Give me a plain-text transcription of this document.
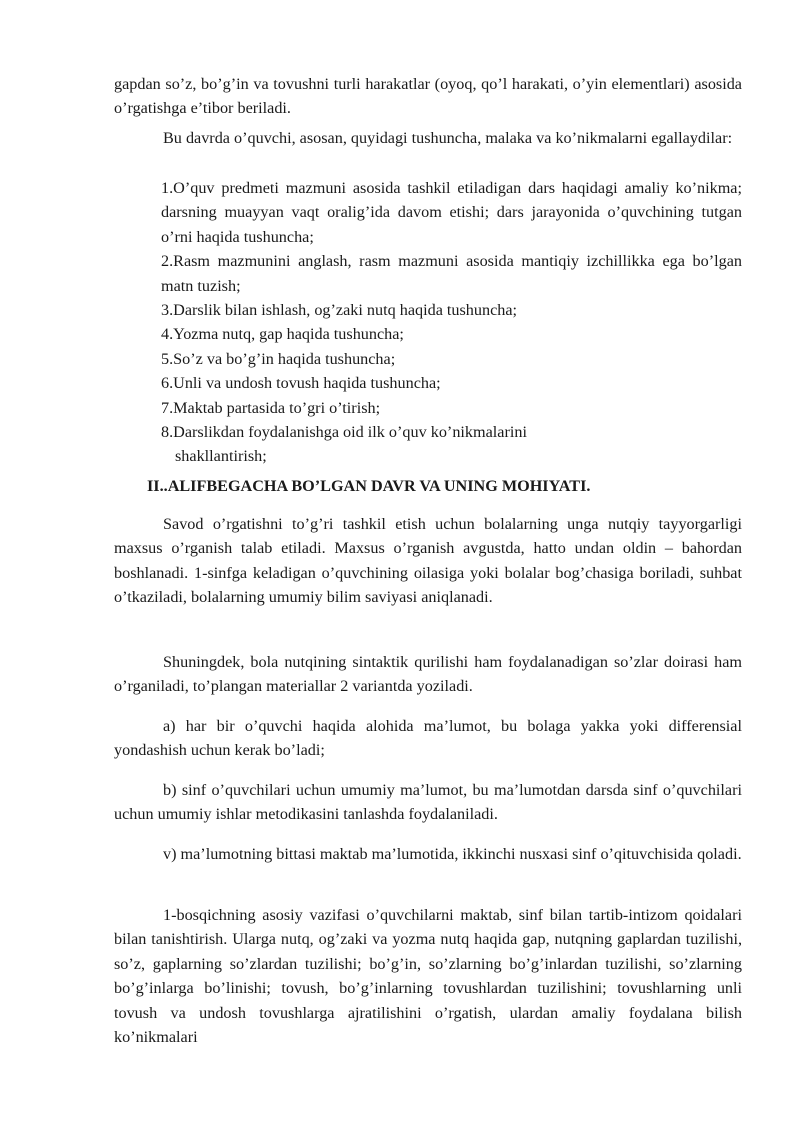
gapdan so’z, bo’g’in va tovushni turli harakatlar (oyoq, qo’l harakati, o’yin elementlari) asosida o’rgatishga e’tibor beriladi.

Bu davrda o’quvchi, asosan, quyidagi tushuncha, malaka va ko’nikmalarni egallaydilar:

1.O’quv predmeti mazmuni asosida tashkil etiladigan dars haqidagi amaliy ko’nikma; darsning muayyan vaqt oralig’ida davom etishi; dars jarayonida o’quvchining tutgan o’rni haqida tushuncha;
2.Rasm mazmunini anglash, rasm mazmuni asosida mantiqiy izchillikka ega bo’lgan matn tuzish;
3.Darslik bilan ishlash, og’zaki nutq haqida tushuncha;
4.Yozma nutq, gap haqida tushuncha;
5.So’z va bo’g’in haqida tushuncha;
6.Unli va undosh tovush haqida tushuncha;
7.Maktab partasida to’gri o’tirish;
8.Darslikdan foydalanishga oid ilk o’quv ko’nikmalarini
shakllantirish;

II..ALIFBEGACHA BO’LGAN DAVR VA UNING MOHIYATI.

Savod o’rgatishni to’g’ri tashkil etish uchun bolalarning unga nutqiy tayyorgarligi maxsus o’rganish talab etiladi. Maxsus o’rganish avgustda, hatto undan oldin – bahordan boshlanadi. 1-sinfga keladigan o’quvchining oilasiga yoki bolalar bog’chasiga boriladi, suhbat o’tkaziladi, bolalarning umumiy bilim saviyasi aniqlanadi.

Shuningdek, bola nutqining sintaktik qurilishi ham foydalanadigan so’zlar doirasi ham o’rganiladi, to’plangan materiallar 2 variantda yoziladi.

a) har bir o’quvchi haqida alohida ma’lumot, bu bolaga yakka yoki differensial yondashish uchun kerak bo’ladi;

b) sinf o’quvchilari uchun umumiy ma’lumot, bu ma’lumotdan darsda sinf o’quvchilari uchun umumiy ishlar metodikasini tanlashda foydalaniladi.

v) ma’lumotning bittasi maktab ma’lumotida, ikkinchi nusxasi sinf o’qituvchisida qoladi.

1-bosqichning asosiy vazifasi o’quvchilarni maktab, sinf bilan tartib-intizom qoidalari bilan tanishtirish. Ularga nutq, og’zaki va yozma nutq haqida gap, nutqning gaplardan tuzilishi, so’z, gaplarning so’zlardan tuzilishi; bo’g’in, so’zlarning bo’g’inlardan tuzilishi, so’zlarning bo’g’inlarga bo’linishi; tovush, bo’g’inlarning tovushlardan tuzilishini; tovushlarning unli tovush va undosh tovushlarga ajratilishini o’rgatish, ulardan amaliy foydalana bilish ko’nikmalari
